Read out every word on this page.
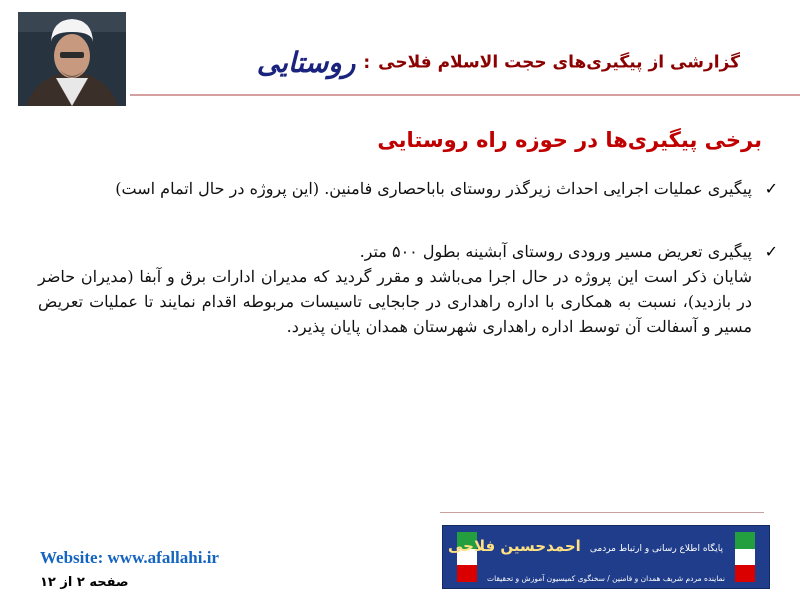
گزارشی از پیگیری‌های حجت الاسلام فلاحی:روستایی
برخی پیگیری‌ها در حوزه راه روستایی
✓
پیگیری عملیات اجرایی احداث زیرگذر روستای باباحصاری فامنین. (این پروژه در حال اتمام است)
✓
پیگیری تعریض مسیر ورودی روستای آبشینه بطول ۵۰۰ متر.
شایان ذکر است این پروژه در حال اجرا می‌باشد و مقرر گردید که مدیران ادارات برق و آبفا (مدیران حاضر در بازدید)، نسبت به همکاری با اداره راهداری در جابجایی تاسیسات مربوطه اقدام نمایند تا عملیات تعریض مسیر و آسفالت آن توسط اداره راهداری شهرستان همدان پایان پذیرد.
Website: www.afallahi.ir
صفحه ۲ از ۱۲
پایگاه اطلاع رسانی و ارتباط مردمی احمدحسین فلاحی
نماینده مردم شریف همدان و فامنین / سخنگوی کمیسیون آموزش و تحقیقات
